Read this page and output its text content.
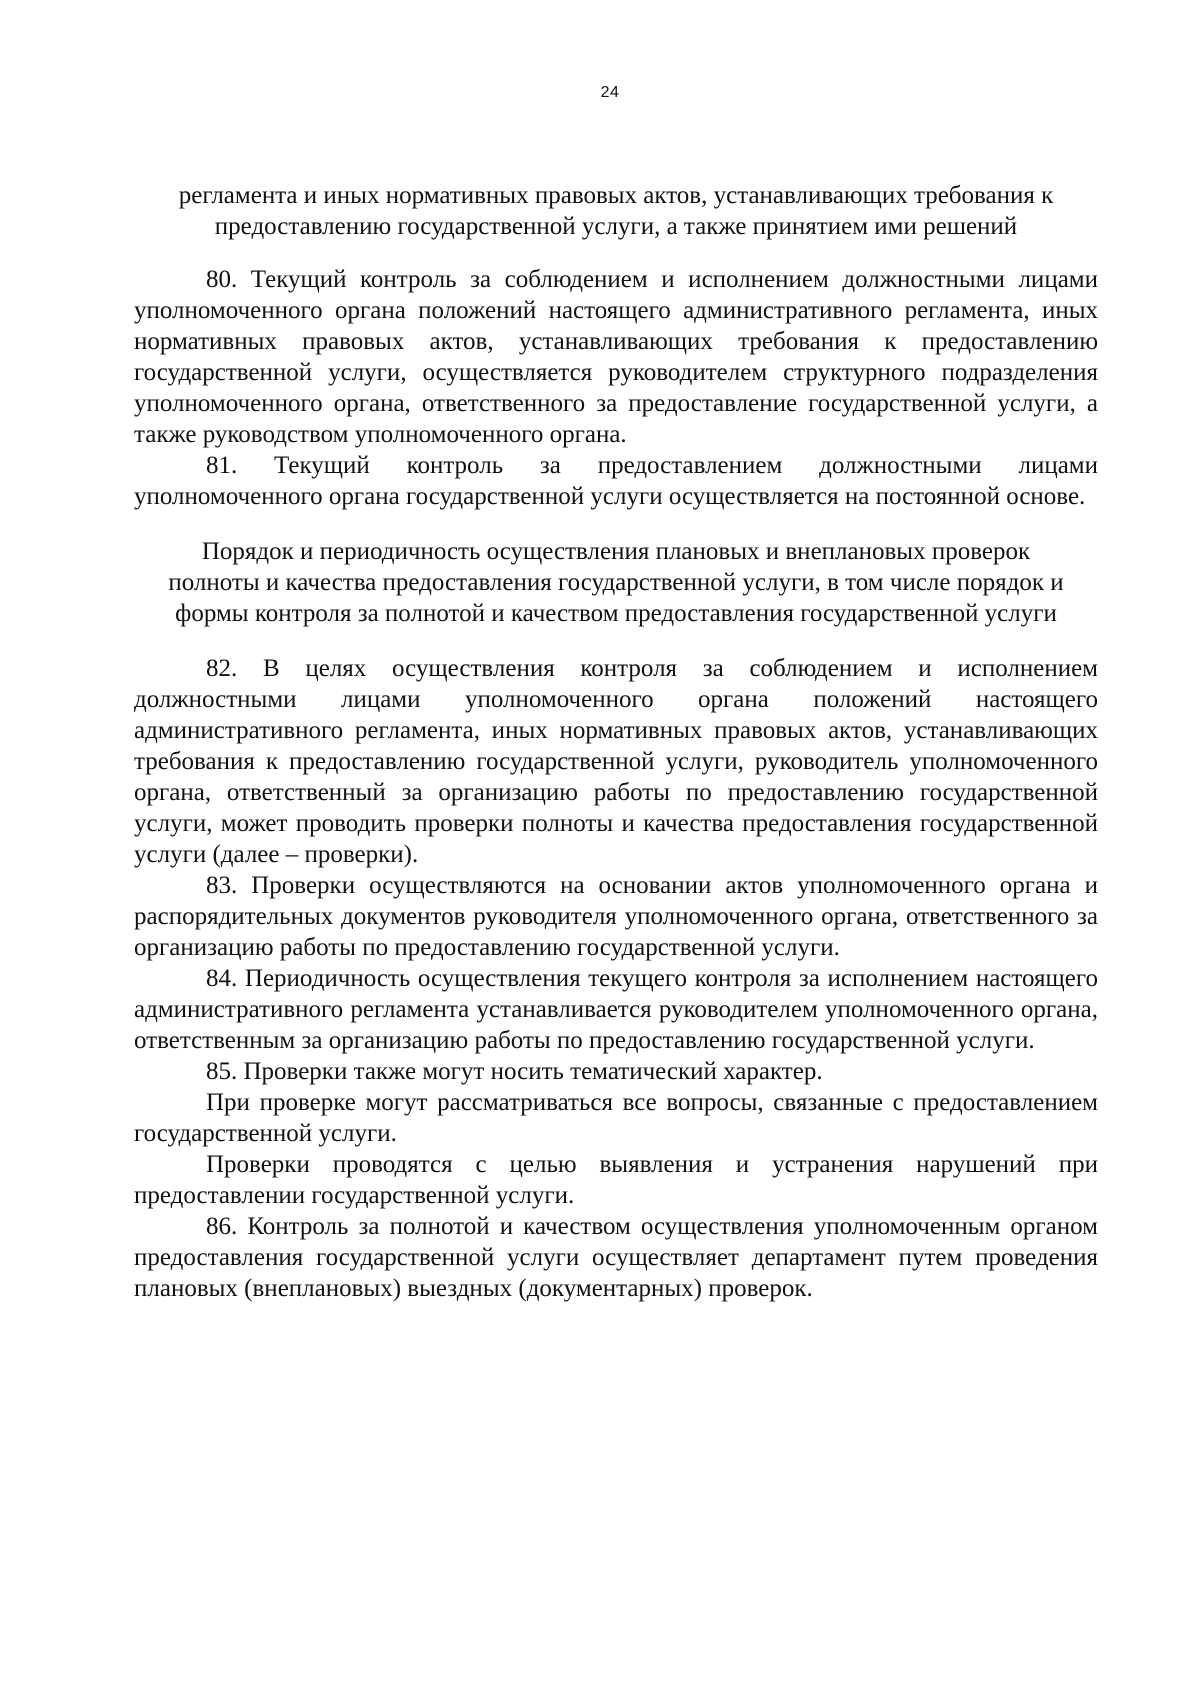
24

регламента и иных нормативных правовых актов, устанавливающих требования к предоставлению государственной услуги, а также принятием ими решений

80. Текущий контроль за соблюдением и исполнением должностными лицами уполномоченного органа положений настоящего административного регламента, иных нормативных правовых актов, устанавливающих требования к предоставлению государственной услуги, осуществляется руководителем структурного подразделения уполномоченного органа, ответственного за предоставление государственной услуги, а также руководством уполномоченного органа.

81. Текущий контроль за предоставлением должностными лицами уполномоченного органа государственной услуги осуществляется на постоянной основе.

Порядок и периодичность осуществления плановых и внеплановых проверок полноты и качества предоставления государственной услуги, в том числе порядок и формы контроля за полнотой и качеством предоставления государственной услуги

82. В целях осуществления контроля за соблюдением и исполнением должностными лицами уполномоченного органа положений настоящего административного регламента, иных нормативных правовых актов, устанавливающих требования к предоставлению государственной услуги, руководитель уполномоченного органа, ответственный за организацию работы по предоставлению государственной услуги, может проводить проверки полноты и качества предоставления государственной услуги (далее – проверки).

83. Проверки осуществляются на основании актов уполномоченного органа и распорядительных документов руководителя уполномоченного органа, ответственного за организацию работы по предоставлению государственной услуги.

84. Периодичность осуществления текущего контроля за исполнением настоящего административного регламента устанавливается руководителем уполномоченного органа, ответственным за организацию работы по предоставлению государственной услуги.

85. Проверки также могут носить тематический характер.

При проверке могут рассматриваться все вопросы, связанные с предоставлением государственной услуги.

Проверки проводятся с целью выявления и устранения нарушений при предоставлении государственной услуги.

86. Контроль за полнотой и качеством осуществления уполномоченным органом предоставления государственной услуги осуществляет департамент путем проведения плановых (внеплановых) выездных (документарных) проверок.
